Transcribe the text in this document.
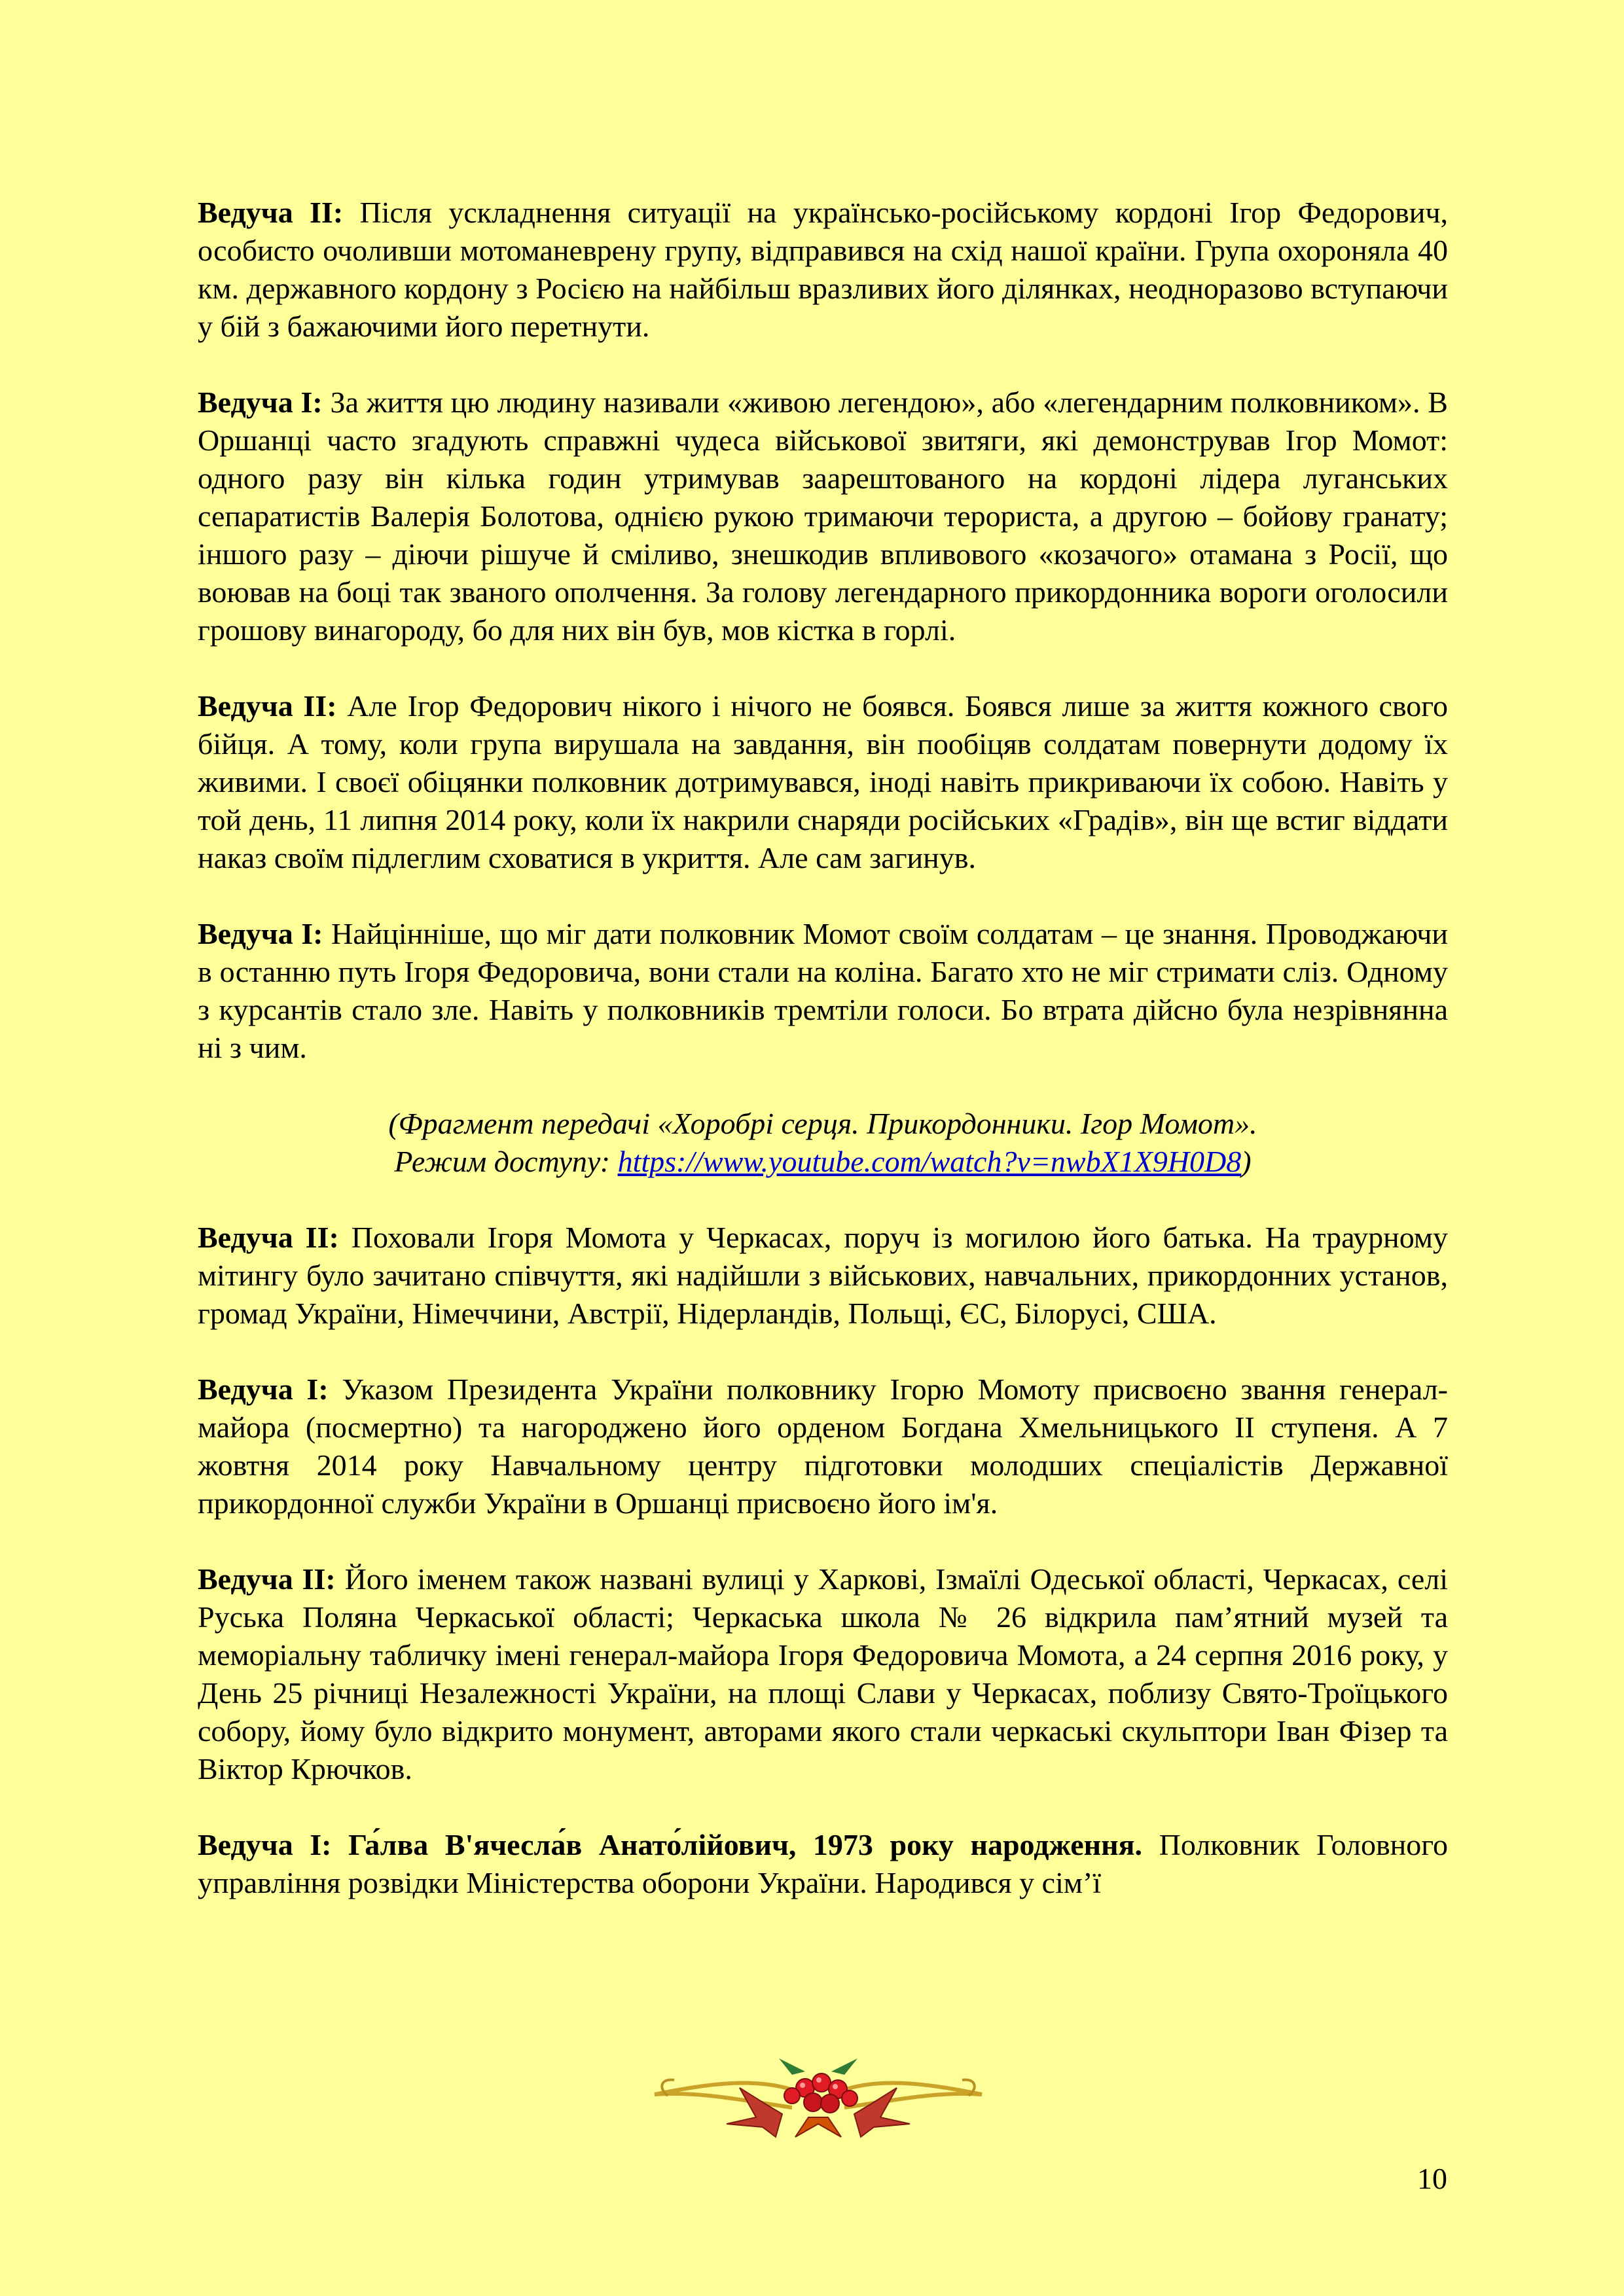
Ведуча ІІ: Після ускладнення ситуації на українсько-російському кордоні Ігор Федорович, особисто очоливши мотоманеврену групу, відправився на схід нашої країни. Група охороняла 40 км. державного кордону з Росією на найбільш вразливих його ділянках, неодноразово вступаючи у бій з бажаючими його перетнути.

Ведуча І: За життя цю людину називали «живою легендою», або «легендарним полковником». В Оршанці часто згадують справжні чудеса військової звитяги, які демонстрував Ігор Момот: одного разу він кілька годин утримував заарештованого на кордоні лідера луганських сепаратистів Валерія Болотова, однією рукою тримаючи терориста, а другою – бойову гранату; іншого разу – діючи рішуче й сміливо, знешкодив впливового «козачого» отамана з Росії, що воював на боці так званого ополчення. За голову легендарного прикордонника вороги оголосили грошову винагороду, бо для них він був, мов кістка в горлі.

Ведуча ІІ: Але Ігор Федорович нікого і нічого не боявся. Боявся лише за життя кожного свого бійця. А тому, коли група вирушала на завдання, він пообіцяв солдатам повернути додому їх живими. І своєї обіцянки полковник дотримувався, іноді навіть прикриваючи їх собою. Навіть у той день, 11 липня 2014 року, коли їх накрили снаряди російських «Градів», він ще встиг віддати наказ своїм підлеглим сховатися в укриття. Але сам загинув.

Ведуча І: Найцінніше, що міг дати полковник Момот своїм солдатам – це знання. Проводжаючи в останню путь Ігоря Федоровича, вони стали на коліна. Багато хто не міг стримати сліз. Одному з курсантів стало зле. Навіть у полковників тремтіли голоси. Бо втрата дійсно була незрівнянна ні з чим.

(Фрагмент передачі «Хоробрі серця. Прикордонники. Ігор Момот».
Режим доступу: https://www.youtube.com/watch?v=nwbX1X9H0D8)

Ведуча ІІ: Поховали Ігоря Момота у Черкасах, поруч із могилою його батька. На траурному мітингу було зачитано співчуття, які надійшли з військових, навчальних, прикордонних установ, громад України, Німеччини, Австрії, Нідерландів, Польщі, ЄС, Білорусі, США.

Ведуча І: Указом Президента України полковнику Ігорю Момоту присвоєно звання генерал-майора (посмертно) та нагороджено його орденом Богдана Хмельницького ІІ ступеня. А 7 жовтня 2014 року Навчальному центру підготовки молодших спеціалістів Державної прикордонної служби України в Оршанці присвоєно його ім'я.

Ведуча ІІ: Його іменем також названі вулиці у Харкові, Ізмаїлі Одеської області, Черкасах, селі Руська Поляна Черкаської області; Черкаська школа № 26 відкрила пам’ятний музей та меморіальну табличку імені генерал-майора Ігоря Федоровича Момота, а 24 серпня 2016 року, у День 25 річниці Незалежності України, на площі Слави у Черкасах, поблизу Свято-Троїцького собору, йому було відкрито монумент, авторами якого стали черкаські скульптори Іван Фізер та Віктор Крючков.

Ведуча І: Га́лва В'ячесла́в Анато́лійович, 1973 року народження. Полковник Головного управління розвідки Міністерства оборони України. Народився у сім’ї

10
